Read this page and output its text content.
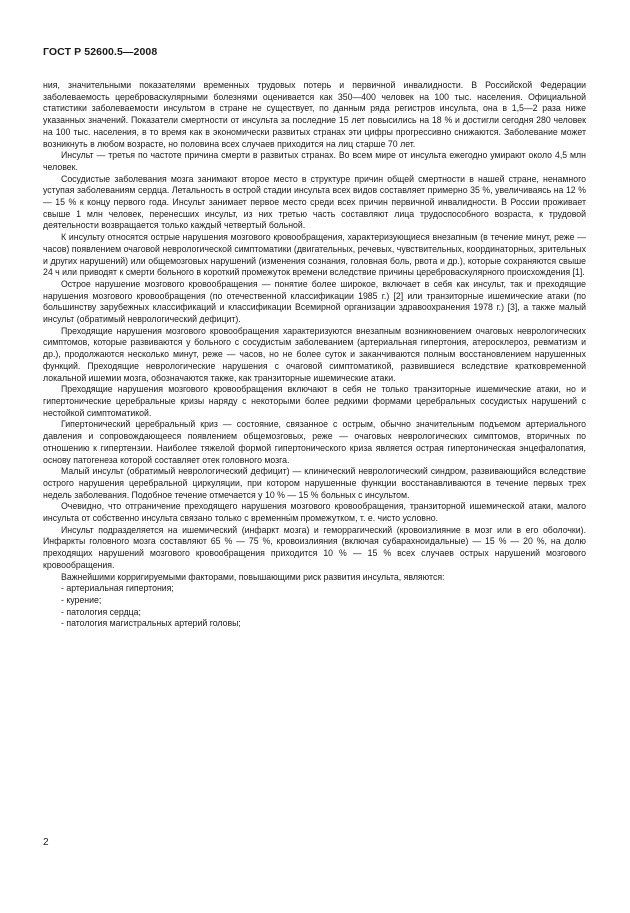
ГОСТ Р 52600.5—2008

ния, значительными показателями временных трудовых потерь и первичной инвалидности. В Российской Федерации заболеваемость цереброваскулярными болезнями оценивается как 350—400 человек на 100 тыс. населения. Официальной статистики заболеваемости инсультом в стране не существует, по данным ряда регистров инсульта, она в 1,5—2 раза ниже указанных значений. Показатели смертности от инсульта за последние 15 лет повысились на 18 % и достигли сегодня 280 человек на 100 тыс. населения, в то время как в экономически развитых странах эти цифры прогрессивно снижаются. Заболевание может возникнуть в любом возрасте, но половина всех случаев приходится на лиц старше 70 лет.

Инсульт — третья по частоте причина смерти в развитых странах. Во всем мире от инсульта ежегодно умирают около 4,5 млн человек.

Сосудистые заболевания мозга занимают второе место в структуре причин общей смертности в нашей стране, ненамного уступая заболеваниям сердца. Летальность в острой стадии инсульта всех видов составляет примерно 35 %, увеличиваясь на 12 % — 15 % к концу первого года. Инсульт занимает первое место среди всех причин первичной инвалидности. В России проживает свыше 1 млн человек, перенесших инсульт, из них третью часть составляют лица трудоспособного возраста, к трудовой деятельности возвращается только каждый четвертый больной.

К инсульту относятся острые нарушения мозгового кровообращения, характеризующиеся внезапным (в течение минут, реже — часов) появлением очаговой неврологической симптоматики (двигательных, речевых, чувствительных, координаторных, зрительных и других нарушений) или общемозговых нарушений (изменения сознания, головная боль, рвота и др.), которые сохраняются свыше 24 ч или приводят к смерти больного в короткий промежуток времени вследствие причины цереброваскулярного происхождения [1].

Острое нарушение мозгового кровообращения — понятие более широкое, включает в себя как инсульт, так и преходящие нарушения мозгового кровообращения (по отечественной классификации 1985 г.) [2] или транзиторные ишемические атаки (по большинству зарубежных классификаций и классификации Всемирной организации здравоохранения 1978 г.) [3], а также малый инсульт (обратимый неврологический дефицит).

Преходящие нарушения мозгового кровообращения характеризуются внезапным возникновением очаговых неврологических симптомов, которые развиваются у больного с сосудистым заболеванием (артериальная гипертония, атеросклероз, ревматизм и др.), продолжаются несколько минут, реже — часов, но не более суток и заканчиваются полным восстановлением нарушенных функций. Преходящие неврологические нарушения с очаговой симптоматикой, развившиеся вследствие кратковременной локальной ишемии мозга, обозначаются также, как транзиторные ишемические атаки.

Преходящие нарушения мозгового кровообращения включают в себя не только транзиторные ишемические атаки, но и гипертонические церебральные кризы наряду с некоторыми более редкими формами церебральных сосудистых нарушений с нестойкой симптоматикой.

Гипертонический церебральный криз — состояние, связанное с острым, обычно значительным подъемом артериального давления и сопровождающееся появлением общемозговых, реже — очаговых неврологических симптомов, вторичных по отношению к гипертензии. Наиболее тяжелой формой гипертонического криза является острая гипертоническая энцефалопатия, основу патогенеза которой составляет отек головного мозга.

Малый инсульт (обратимый неврологический дефицит) — клинический неврологический синдром, развивающийся вследствие острого нарушения церебральной циркуляции, при котором нарушенные функции восстанавливаются в течение первых трех недель заболевания. Подобное течение отмечается у 10 % — 15 % больных с инсультом.

Очевидно, что отграничение преходящего нарушения мозгового кровообращения, транзиторной ишемической атаки, малого инсульта от собственно инсульта связано только с временны́м промежутком, т. е. чисто условно.

Инсульт подразделяется на ишемический (инфаркт мозга) и геморрагический (кровоизлияние в мозг или в его оболочки). Инфаркты головного мозга составляют 65 % — 75 %, кровоизлияния (включая субарахноидальные) — 15 % — 20 %, на долю преходящих нарушений мозгового кровообращения приходится 10 % — 15 % всех случаев острых нарушений мозгового кровообращения.

Важнейшими корригируемыми факторами, повышающими риск развития инсульта, являются:

- артериальная гипертония;

- курение;

- патология сердца;

- патология магистральных артерий головы;

2
